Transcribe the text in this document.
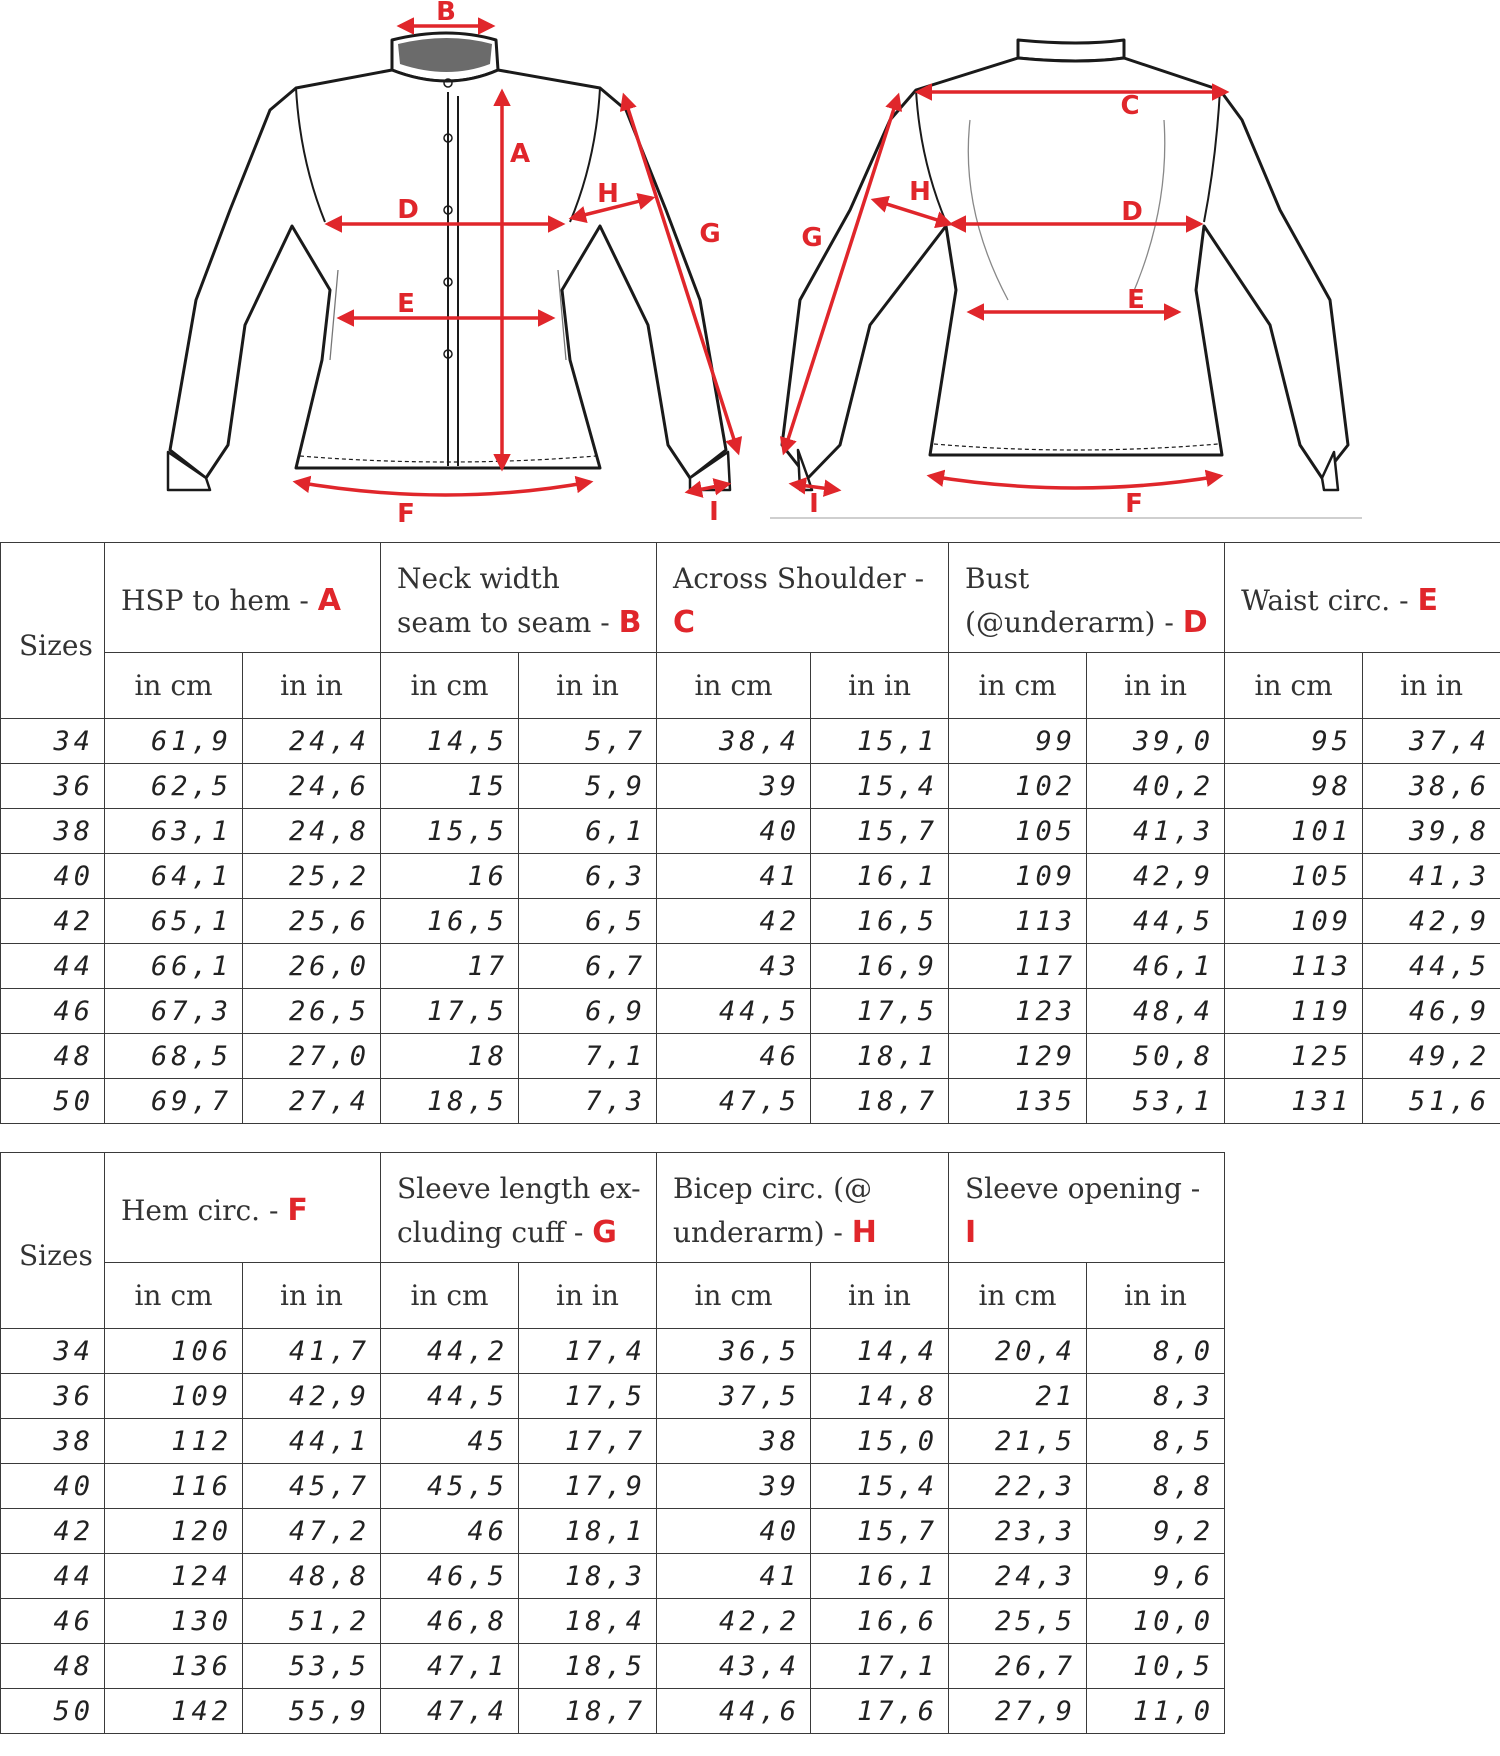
B
A
D
H
G
E
F	I
C
H
G
D
E
I	F
Sizes	HSP to hem - A		Neck width seam to seam - B		Across Shoulder - C		Bust (@underarm) - D		Waist circ. - E	
	in cm	in in	in cm	in in	in cm	in in	in cm	in in	in cm	in in
34	61,9	24,4	14,5	5,7	38,4	15,1	99	39,0	95	37,4
36	62,5	24,6	15	5,9	39	15,4	102	40,2	98	38,6
38	63,1	24,8	15,5	6,1	40	15,7	105	41,3	101	39,8
40	64,1	25,2	16	6,3	41	16,1	109	42,9	105	41,3
42	65,1	25,6	16,5	6,5	42	16,5	113	44,5	109	42,9
44	66,1	26,0	17	6,7	43	16,9	117	46,1	113	44,5
46	67,3	26,5	17,5	6,9	44,5	17,5	123	48,4	119	46,9
48	68,5	27,0	18	7,1	46	18,1	129	50,8	125	49,2
50	69,7	27,4	18,5	7,3	47,5	18,7	135	53,1	131	51,6
Sizes	Hem circ. - F		Sleeve length ex-cluding cuff - G		Bicep circ. (@ underarm) - H		Sleeve opening - I	
	in cm	in in	in cm	in in	in cm	in in	in cm	in in
34	106	41,7	44,2	17,4	36,5	14,4	20,4	8,0
36	109	42,9	44,5	17,5	37,5	14,8	21	8,3
38	112	44,1	45	17,7	38	15,0	21,5	8,5
40	116	45,7	45,5	17,9	39	15,4	22,3	8,8
42	120	47,2	46	18,1	40	15,7	23,3	9,2
44	124	48,8	46,5	18,3	41	16,1	24,3	9,6
46	130	51,2	46,8	18,4	42,2	16,6	25,5	10,0
48	136	53,5	47,1	18,5	43,4	17,1	26,7	10,5
50	142	55,9	47,4	18,7	44,6	17,6	27,9	11,0
